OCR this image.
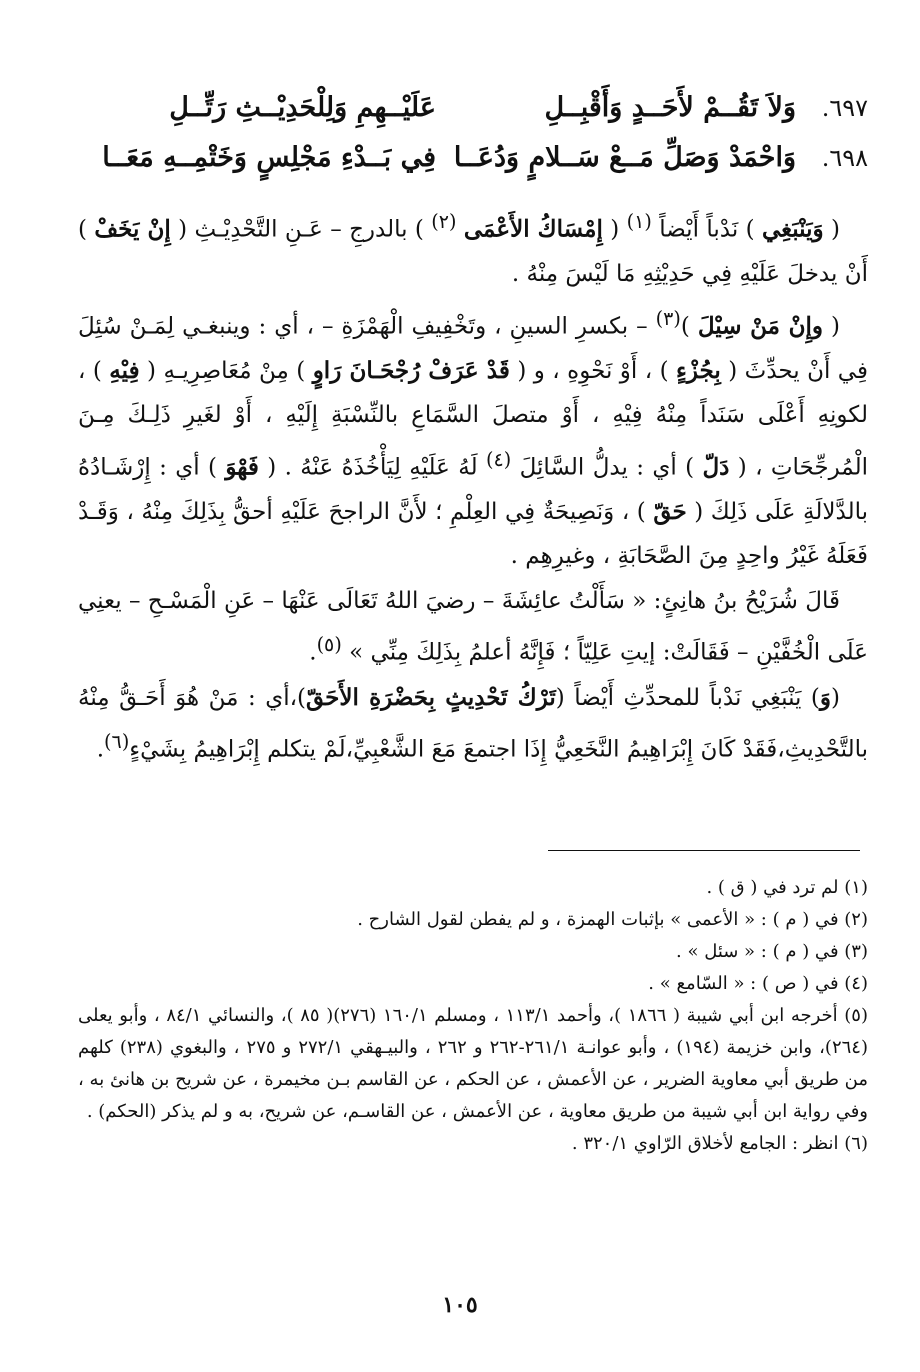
٦٩٧.
وَلاَ تَقُــمْ لأَحَــدٍ وَأَقْبِــلِ
عَلَيْــهِمِ وَلِلْحَدِيْــثِ رَتِّــلِ
٦٩٨.
وَاحْمَدْ وَصَلِّ مَــعْ سَــلامٍ وَدُعَــا
فِي بَــدْءِ مَجْلِسٍ وَخَتْمِــهِ مَعَــا

( وَيَنْبَغِي ) نَدْباً أَيْضاً $^{(١)}$ ( إِمْسَاكُ الأَعْمَى $^{(٢)}$ ) بالدرجِ – عَـنِ التَّحْدِيْـثِ ( إِنْ يَخَفْ ) أَنْ يدخلَ عَلَيْهِ فِي حَدِيْثِهِ مَا لَيْسَ مِنْهُ .

( وإِنْ مَنْ سِيْلَ )$^{(٣)}$ – بكسرِ السينِ ، وتَخْفِيفِ الْهَمْزَةِ – ، أي : وينبغـي لِمَـنْ سُئِلَ فِي أَنْ يحدِّثَ ( بِجُزْءٍ ) ، أَوْ نَحْوِهِ ، و ( قَدْ عَرَفْ رُجْحَـانَ رَاوٍ ) مِنْ مُعَاصِرِيـهِ ( فِيْهِ ) ، لكونِهِ أَعْلَى سَنَداً مِنْهُ فِيْهِ ، أَوْ متصلَ السَّمَاعِ بالنِّسْبَةِ إِلَيْهِ ، أَوْ لغَيرِ ذَلِـكَ مِـنَ الْمُرجِّحَاتِ ، ( دَلّ ) أي : يدلُّ السَّائِلَ $^{(٤)}$ لَهُ عَلَيْهِ لِيَأْخُذَهُ عَنْهُ . ( فَهْوَ ) أي : إِرْشَـادُهُ بالدَّلالَةِ عَلَى ذَلِكَ ( حَقّ ) ، وَنَصِيحَةٌ فِي العِلْمِ ؛ لأَنَّ الراجحَ عَلَيْهِ أحقُّ بِذَلِكَ مِنْهُ ، وَقَـدْ فَعَلَهُ غَيْرُ واحِدٍ مِنَ الصَّحَابَةِ ، وغيرِهِم .

قَالَ شُرَيْحُ بنُ هانِئٍ: « سَأَلْتُ عائِشَةَ – رضيَ اللهُ تَعَالَى عَنْهَا – عَنِ الْمَسْـحِ – يعنِي عَلَى الْخُفَّيْنِ – فَقَالَتْ: إيتِ عَلِيّاً ؛ فَإِنَّهُ أعلمُ بِذَلِكَ مِنِّي » $^{(٥)}$.

(وَ) يَنْبَغِي نَدْباً للمحدِّثِ أَيْضاً (تَرْكُ تَحْدِيثٍ بِحَضْرَةِ الأَحَقّ)،أي : مَنْ هُوَ أَحَـقُّ مِنْهُ بالتَّحْدِيثِ،فَقَدْ كَانَ إِبْرَاهِيمُ النَّخَعِيُّ إِذَا اجتمعَ مَعَ الشَّعْبِيِّ،لَمْ يتكلم إِبْرَاهِيمُ بِشَيْءٍ$^{(٦)}$.

(١) لم ترد في ( ق ) .

(٢) في ( م ) : « الأعمى » بإثبات الهمزة ، و لم يفطن لقول الشارح .

(٣) في ( م ) : « سئل » .

(٤) في ( ص ) : « السّامع » .

(٥) أخرجه ابن أبي شيبة ( ١٨٦٦ )، وأحمد ١١٣/١ ، ومسلم ١٦٠/١ (٢٧٦)( ٨٥ )، والنسائي ٨٤/١ ، وأبو يعلى (٢٦٤)، وابن خزيمة (١٩٤) ، وأبو عوانـة ٢٦١/١-٢٦٢ و ٢٦٢ ، والبيـهقي ٢٧٢/١ و ٢٧٥ ، والبغوي (٢٣٨) كلهم من طريق أبي معاوية الضرير ، عن الأعمش ، عن الحكم ، عن القاسم بـن مخيمرة ، عن شريح بن هانئ به ، وفي رواية ابن أبي شيبة من طريق معاوية ، عن الأعمش ، عن القاسـم، عن شريح، به و لم يذكر (الحكم) .

(٦) انظر : الجامع لأخلاق الرّاوي ٣٢٠/١ .

١٠٥
